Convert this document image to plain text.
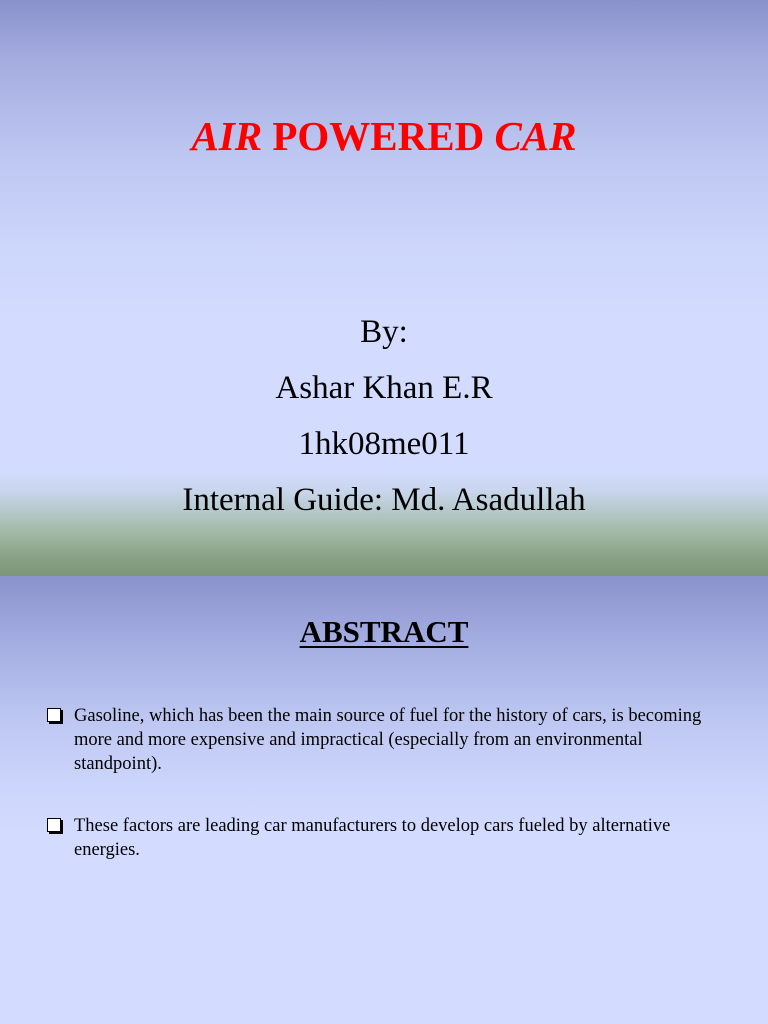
AIR POWERED CAR
By:
Ashar Khan E.R
1hk08me011
Internal Guide: Md. Asadullah
ABSTRACT
Gasoline, which has been the main source of fuel for the history of cars, is becoming more and more expensive and impractical (especially from an environmental standpoint).
These factors are leading car manufacturers to develop cars fueled by alternative energies.
